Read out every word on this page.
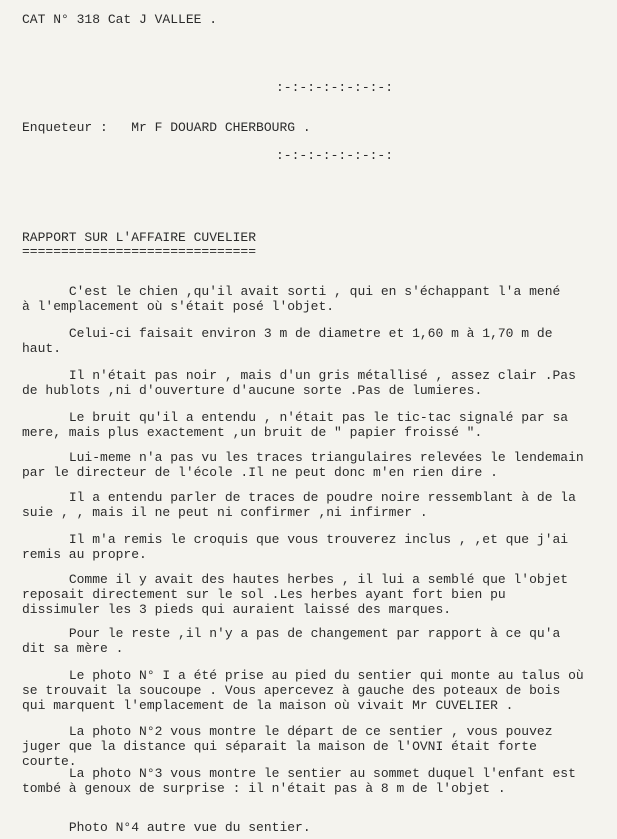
CAT N° 318 Cat J VALLEE .
:-:-:-:-:-:-:-:
Enqueteur : Mr F DOUARD CHERBOURG .
:-:-:-:-:-:-:-:
RAPPORT SUR L'AFFAIRE CUVELIER
==============================
C'est le chien ,qu'il avait sorti , qui en s'échappant l'a mené
à l'emplacement où s'était posé l'objet.
Celui-ci faisait environ 3 m de diametre et 1,60 m à 1,70 m de
haut.
Il n'était pas noir , mais d'un gris métallisé , assez clair .Pas
de hublots ,ni d'ouverture d'aucune sorte .Pas de lumieres.
Le bruit qu'il a entendu , n'était pas le tic-tac signalé par sa
mere, mais plus exactement ,un bruit de " papier froissé ".
Lui-meme n'a pas vu les traces triangulaires relevées le lendemain
par le directeur de l'école .Il ne peut donc m'en rien dire .
Il a entendu parler de traces de poudre noire ressemblant à de la
suie , , mais il ne peut ni confirmer ,ni infirmer .
Il m'a remis le croquis que vous trouverez inclus , ,et que j'ai
remis au propre.
Comme il y avait des hautes herbes , il lui a semblé que l'objet
reposait directement sur le sol .Les herbes ayant fort bien pu
dissimuler les 3 pieds qui auraient laissé des marques.
Pour le reste ,il n'y a pas de changement par rapport à ce qu'a
dit sa mère .
Le photo N° I a été prise au pied du sentier qui monte au talus où
se trouvait la soucoupe . Vous apercevez à gauche des poteaux de bois
qui marquent l'emplacement de la maison où vivait Mr CUVELIER .
La photo N°2 vous montre le départ de ce sentier , vous pouvez
juger que la distance qui séparait la maison de l'OVNI était forte
courte.
La photo N°3 vous montre le sentier au sommet duquel l'enfant est
tombé à genoux de surprise : il n'était pas à 8 m de l'objet .
Photo N°4 autre vue du sentier.
